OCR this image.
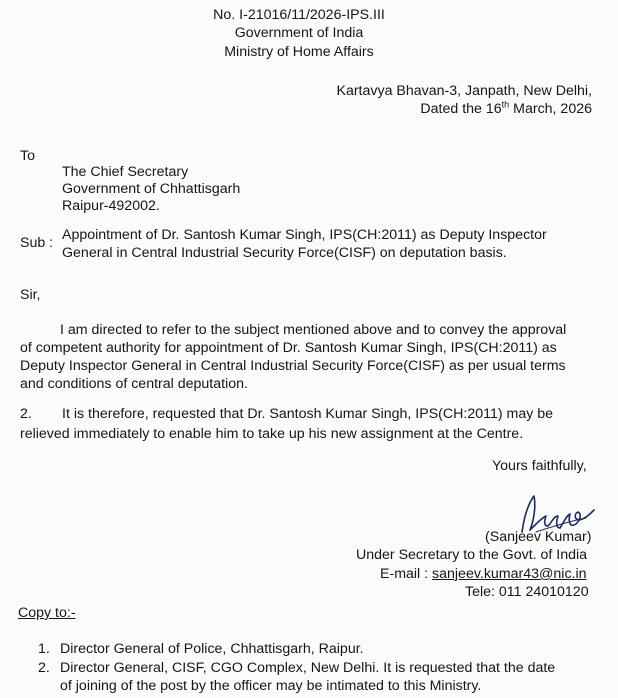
No. I-21016/11/2026-IPS.III
Government of India
Ministry of Home Affairs
Kartavya Bhavan-3, Janpath, New Delhi,
Dated the 16th March, 2026
To
The Chief Secretary
Government of Chhattisgarh
Raipur-492002.
Sub : Appointment of Dr. Santosh Kumar Singh, IPS(CH:2011) as Deputy Inspector
General in Central Industrial Security Force(CISF) on deputation basis.
Sir,
I am directed to refer to the subject mentioned above and to convey the approval
of competent authority for appointment of Dr. Santosh Kumar Singh, IPS(CH:2011) as
Deputy Inspector General in Central Industrial Security Force(CISF) as per usual terms
and conditions of central deputation.
2. It is therefore, requested that Dr. Santosh Kumar Singh, IPS(CH:2011) may be
relieved immediately to enable him to take up his new assignment at the Centre.
Yours faithfully,
(Sanjeev Kumar)
Under Secretary to the Govt. of India
E-mail : sanjeev.kumar43@nic.in
Tele: 011 24010120
Copy to:-
1. Director General of Police, Chhattisgarh, Raipur.
2. Director General, CISF, CGO Complex, New Delhi. It is requested that the date
of joining of the post by the officer may be intimated to this Ministry.
